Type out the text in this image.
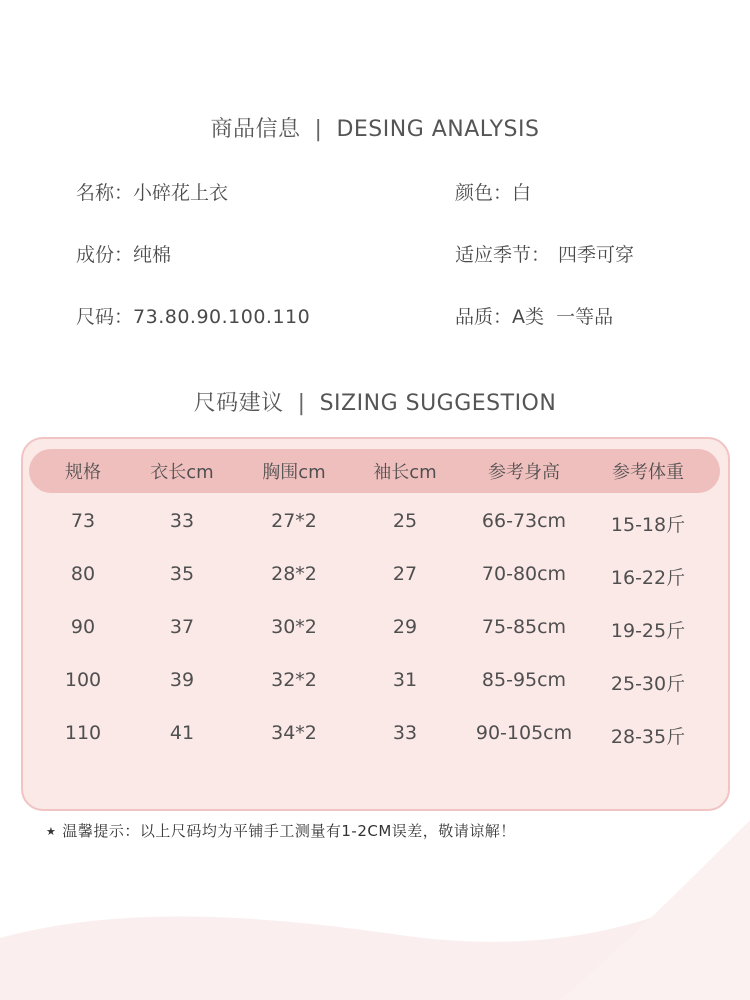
商品信息 | DESING ANALYSIS
名称：小碎花上衣	颜色：白
成份：纯棉	适应季节： 四季可穿
尺码：73.80.90.100.110	品质：A类  一等品
尺码建议 | SIZING SUGGESTION
规格	衣长cm	胸围cm	袖长cm	参考身高	参考体重
73	33	27*2	25	66-73cm	15-18斤
80	35	28*2	27	70-80cm	16-22斤
90	37	30*2	29	75-85cm	19-25斤
100	39	32*2	31	85-95cm	25-30斤
110	41	34*2	33	90-105cm	28-35斤
★ 温馨提示：以上尺码均为平铺手工测量有1-2CM误差，敬请谅解！
